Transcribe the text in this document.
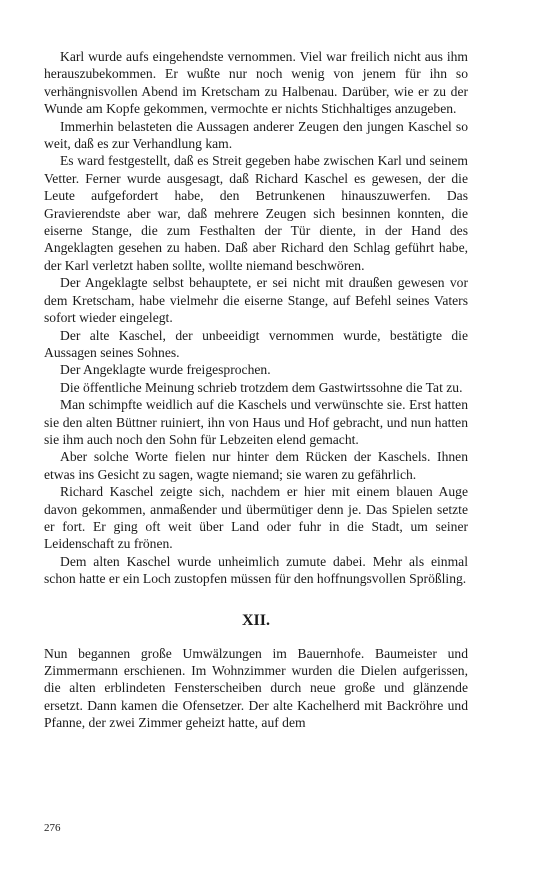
Karl wurde aufs eingehendste vernommen. Viel war freilich nicht aus ihm herauszubekommen. Er wußte nur noch wenig von jenem für ihn so verhängnisvollen Abend im Kretscham zu Halbenau. Darüber, wie er zu der Wunde am Kopfe gekommen, vermochte er nichts Stichhaltiges anzugeben.

Immerhin belasteten die Aussagen anderer Zeugen den jungen Kaschel so weit, daß es zur Verhandlung kam.

Es ward festgestellt, daß es Streit gegeben habe zwischen Karl und seinem Vetter. Ferner wurde ausgesagt, daß Richard Kaschel es gewesen, der die Leute aufgefordert habe, den Betrunkenen hinauszuwerfen. Das Gravierendste aber war, daß mehrere Zeugen sich besinnen konnten, die eiserne Stange, die zum Festhalten der Tür diente, in der Hand des Angeklagten gesehen zu haben. Daß aber Richard den Schlag geführt habe, der Karl verletzt haben sollte, wollte niemand beschwören.

Der Angeklagte selbst behauptete, er sei nicht mit draußen gewesen vor dem Kretscham, habe vielmehr die eiserne Stange, auf Befehl seines Vaters sofort wieder eingelegt.

Der alte Kaschel, der unbeeidigt vernommen wurde, bestätigte die Aussagen seines Sohnes.

Der Angeklagte wurde freigesprochen.

Die öffentliche Meinung schrieb trotzdem dem Gastwirtssohne die Tat zu.

Man schimpfte weidlich auf die Kaschels und verwünschte sie. Erst hatten sie den alten Büttner ruiniert, ihn von Haus und Hof gebracht, und nun hatten sie ihm auch noch den Sohn für Lebzeiten elend gemacht.

Aber solche Worte fielen nur hinter dem Rücken der Kaschels. Ihnen etwas ins Gesicht zu sagen, wagte niemand; sie waren zu gefährlich.

Richard Kaschel zeigte sich, nachdem er hier mit einem blauen Auge davon gekommen, anmaßender und übermütiger denn je. Das Spielen setzte er fort. Er ging oft weit über Land oder fuhr in die Stadt, um seiner Leidenschaft zu frönen.

Dem alten Kaschel wurde unheimlich zumute dabei. Mehr als einmal schon hatte er ein Loch zustopfen müssen für den hoffnungsvollen Sprößling.

XII.

Nun begannen große Umwälzungen im Bauernhofe. Baumeister und Zimmermann erschienen. Im Wohnzimmer wurden die Dielen aufgerissen, die alten erblindeten Fensterscheiben durch neue große und glänzende ersetzt. Dann kamen die Ofensetzer. Der alte Kachelherd mit Backröhre und Pfanne, der zwei Zimmer geheizt hatte, auf dem

276
